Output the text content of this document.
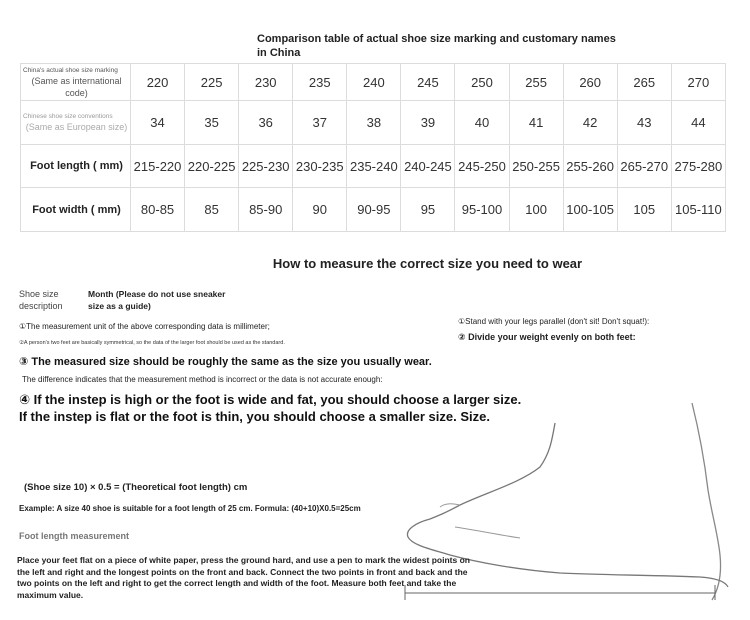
Comparison table of actual shoe size marking and customary names in China
China's actual shoe size marking
(Same as international code)	220	225	230	235	240	245	250	255	260	265	270

Chinese shoe size conventions
(Same as European size)	34	35	36	37	38	39	40	41	42	43	44

Foot length ( mm)	215-220	220-225	225-230	230-235	235-240	240-245	245-250	250-255	255-260	265-270	275-280

Foot width ( mm)	80-85	85	85-90	90	90-95	95	95-100	100	100-105	105	105-110
How to measure the correct size you need to wear
Shoe size description
Month (Please do not use sneaker size as a guide)
①The measurement unit of the above corresponding data is millimeter;
②A person's two feet are basically symmetrical, so the data of the larger foot should be used as the standard.
③ The measured size should be roughly the same as the size you usually wear.
The difference indicates that the measurement method is incorrect or the data is not accurate enough:
④ If the instep is high or the foot is wide and fat, you should choose a larger size. If the instep is flat or the foot is thin, you should choose a smaller size. Size.
①Stand with your legs parallel (don't sit! Don't squat!):
② Divide your weight evenly on both feet:
(Shoe size 10) × 0.5 = (Theoretical foot length) cm
Example: A size 40 shoe is suitable for a foot length of 25 cm. Formula: (40+10)X0.5=25cm
Foot length measurement
Place your feet flat on a piece of white paper, press the ground hard, and use a pen to mark the widest points on the left and right and the longest points on the front and back. Connect the two points in front and back and the two points on the left and right to get the correct length and width of the foot. Measure both feet and take the maximum value.
